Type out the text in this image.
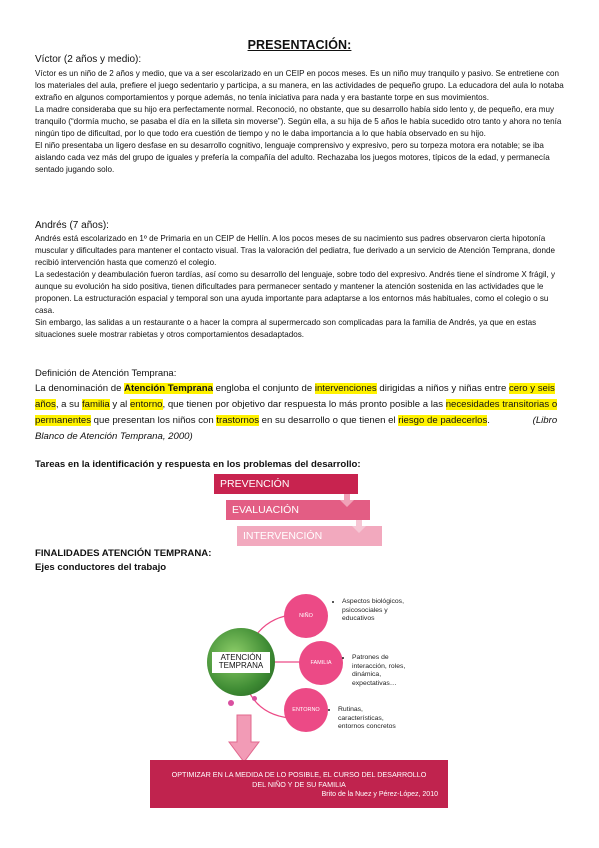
PRESENTACIÓN:
Víctor (2 años y medio):

Víctor es un niño de 2 años y medio, que va a ser escolarizado en un CEIP en pocos meses. Es un niño muy tranquilo y pasivo. Se entretiene con los materiales del aula, prefiere el juego sedentario y participa, a su manera, en las actividades de pequeño grupo. La educadora del aula lo notaba extraño en algunos comportamientos y porque además, no tenía iniciativa para nada y era bastante torpe en sus movimientos.

La madre consideraba que su hijo era perfectamente normal. Reconoció, no obstante, que su desarrollo había sido lento y, de pequeño, era muy tranquilo (“dormía mucho, se pasaba el día en la silleta sin moverse”). Según ella, a su hija de 5 años le había sucedido otro tanto y ahora no tenía ningún tipo de dificultad, por lo que todo era cuestión de tiempo y no le daba importancia a lo que había observado en su hijo.

El niño presentaba un ligero desfase en su desarrollo cognitivo, lenguaje comprensivo y expresivo, pero su torpeza motora era notable; se iba aislando cada vez más del grupo de iguales y prefería la compañía del adulto. Rechazaba los juegos motores, típicos de la edad, y permanecía sentado jugando solo.

Andrés (7 años):

Andrés está escolarizado en 1º de Primaria en un CEIP de Hellín. A los pocos meses de su nacimiento sus padres observaron cierta hipotonía muscular y dificultades para mantener el contacto visual. Tras la valoración del pediatra, fue derivado a un servicio de Atención Temprana, donde recibió intervención hasta que comenzó el colegio.

La sedestación y deambulación fueron tardías, así como su desarrollo del lenguaje, sobre todo del expresivo. Andrés tiene el síndrome X frágil, y aunque su evolución ha sido positiva, tienen dificultades para permanecer sentado y mantener la atención sostenida en las actividades que le proponen. La estructuración espacial y temporal son una ayuda importante para adaptarse a los entornos más habituales, como el colegio o su casa.

Sin embargo, las salidas a un restaurante o a hacer la compra al supermercado son complicadas para la familia de Andrés, ya que en estas situaciones suele mostrar rabietas y otros comportamientos desadaptados.

Definición de Atención Temprana:
La denominación de Atención Temprana engloba el conjunto de intervenciones dirigidas a niños y niñas entre cero y seis años, a su familia y al entorno, que tienen por objetivo dar respuesta lo más pronto posible a las necesidades transitorias o permanentes que presentan los niños con trastornos en su desarrollo o que tienen el riesgo de padecerlos.	(Libro Blanco de Atención Temprana, 2000)
Tareas en la identificación y respuesta en los problemas del desarrollo:
PREVENCIÓN
EVALUACIÓN
INTERVENCIÓN
FINALIDADES ATENCIÓN TEMPRANA:
Ejes conductores del trabajo
ATENCIÓN TEMPRANA
NIÑO
FAMILIA
ENTORNO
• Aspectos biológicos, psicosociales y educativos
• Patrones de interacción, roles, dinámica, expectativas…
• Rutinas, características, entornos concretos
OPTIMIZAR EN LA MEDIDA DE LO POSIBLE, EL CURSO DEL DESARROLLO DEL NIÑO Y DE SU FAMILIA
Brito de la Nuez y Pérez-López, 2010
